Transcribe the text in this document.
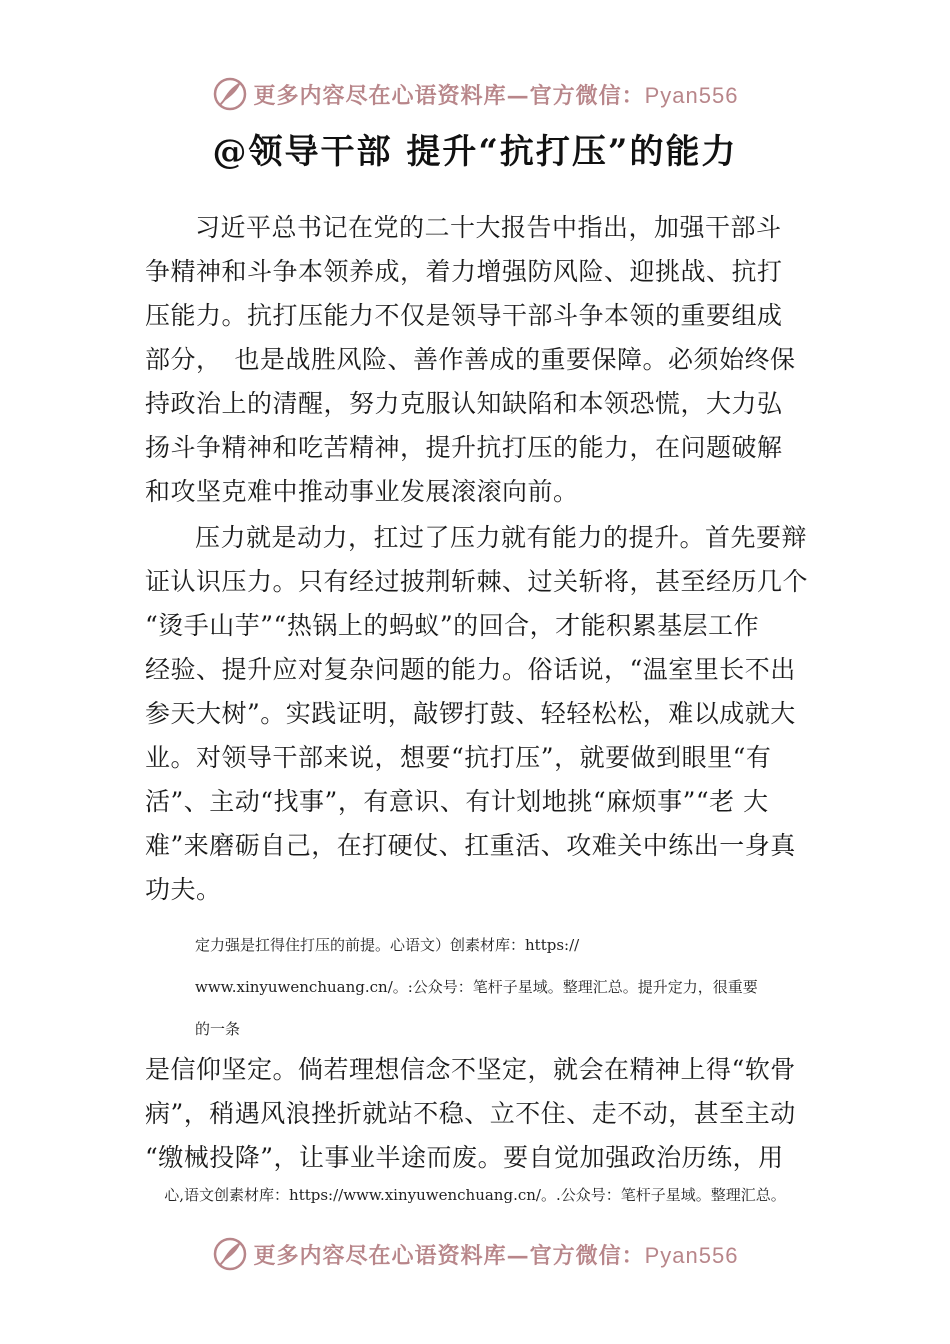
更多内容尽在心语资料库—官方微信：Pyan556
@领导干部 提升“抗打压”的能力
习近平总书记在党的二十大报告中指出，加强干部斗
争精神和斗争本领养成，着力增强防风险、迎挑战、抗打
压能力。抗打压能力不仅是领导干部斗争本领的重要组成
部分，　也是战胜风险、善作善成的重要保障。必须始终保
持政治上的清醒，努力克服认知缺陷和本领恐慌，大力弘
扬斗争精神和吃苦精神，提升抗打压的能力，在问题破解
和攻坚克难中推动事业发展滚滚向前。
压力就是动力，扛过了压力就有能力的提升。首先要辩
证认识压力。只有经过披荆斩棘、过关斩将，甚至经历几个
“烫手山芋”“热锅上的蚂蚁”的回合，才能积累基层工作
经验、提升应对复杂问题的能力。俗话说，“温室里长不出
参天大树”。实践证明，敲锣打鼓、轻轻松松，难以成就大
业。对领导干部来说，想要“抗打压”，就要做到眼里“有
活”、主动“找事”，有意识、有计划地挑“麻烦事”“老 大
难”来磨砺自己，在打硬仗、扛重活、攻难关中练出一身真
功夫。
定力强是扛得住打压的前提。心语文）创素材库：https://
www.xinyuwenchuang.cn/。:公众号：笔杆子星域。整理汇总。提升定力，很重要
的一条
是信仰坚定。倘若理想信念不坚定，就会在精神上得“软骨
病”，稍遇风浪挫折就站不稳、立不住、走不动，甚至主动
“缴械投降”，让事业半途而废。要自觉加强政治历练，用
心,语文创素材库：https://www.xinyuwenchuang.cn/。.公众号：笔杆子星域。整理汇总。
更多内容尽在心语资料库—官方微信：Pyan556
